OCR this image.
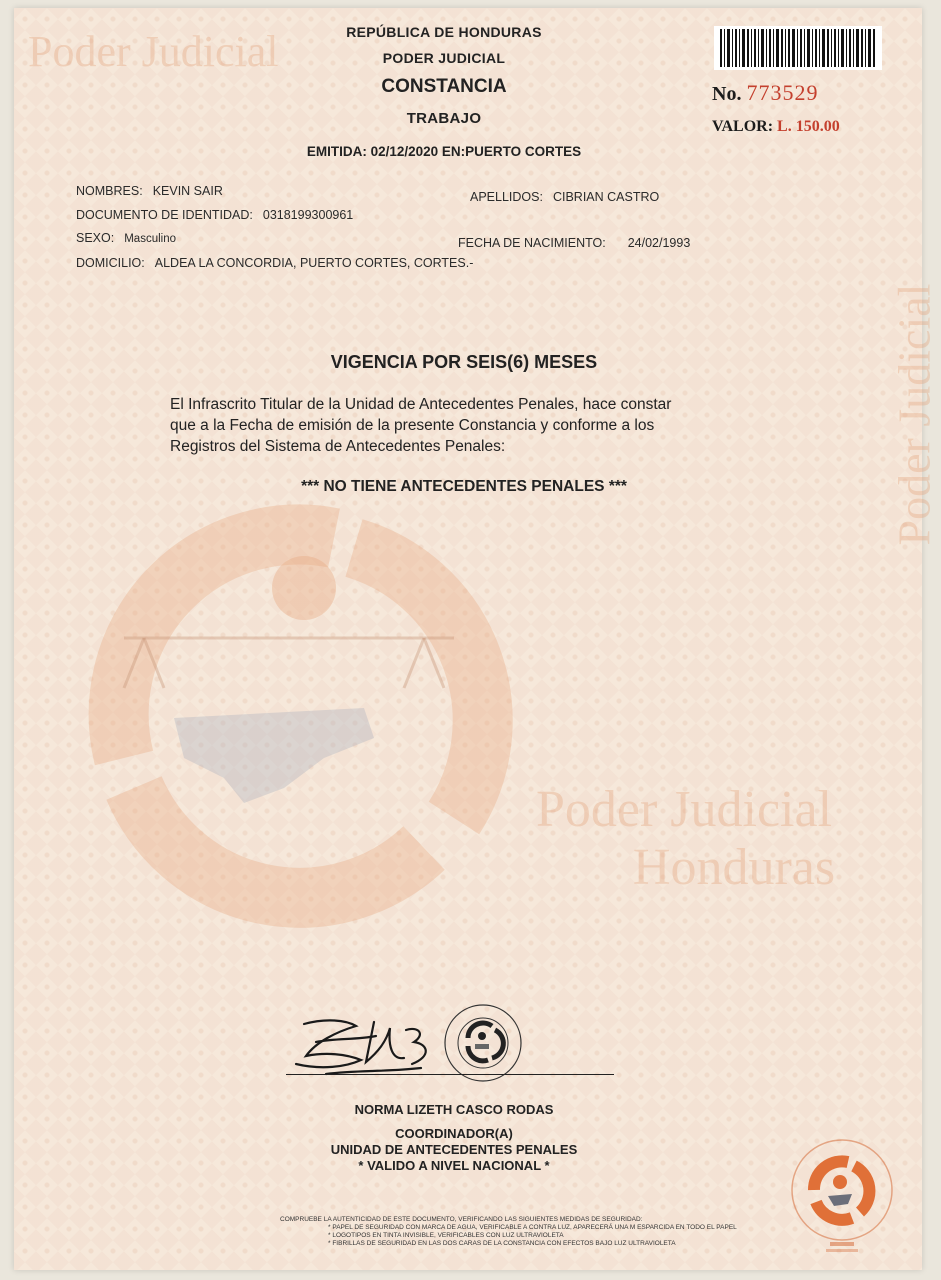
Poder Judicial
Poder Judicial
Poder Judicial
Honduras
REPÚBLICA DE HONDURAS
PODER JUDICIAL
CONSTANCIA
TRABAJO
EMITIDA: 02/12/2020 EN:PUERTO CORTES
No. 773529
VALOR: L. 150.00
NOMBRES: KEVIN SAIR	APELLIDOS: CIBRIAN CASTRO
DOCUMENTO DE IDENTIDAD: 0318199300961
SEXO: Masculino	FECHA DE NACIMIENTO: 24/02/1993
DOMICILIO: ALDEA LA CONCORDIA, PUERTO CORTES, CORTES.-
VIGENCIA POR SEIS(6) MESES
El Infrascrito Titular de la Unidad de Antecedentes Penales, hace constar
que a la Fecha de emisión de la presente Constancia y conforme a los
Registros del Sistema de Antecedentes Penales:
*** NO TIENE ANTECEDENTES PENALES ***
NORMA LIZETH CASCO RODAS
COORDINADOR(A)
UNIDAD DE ANTECEDENTES PENALES
* VALIDO A NIVEL NACIONAL *
COMPRUEBE LA AUTENTICIDAD DE ESTE DOCUMENTO, VERIFICANDO LAS SIGUIENTES MEDIDAS DE SEGURIDAD:
* PAPEL DE SEGURIDAD CON MARCA DE AGUA, VERIFICABLE A CONTRA LUZ, APARECERÁ UNA M ESPARCIDA EN TODO EL PAPEL
* LOGOTIPOS EN TINTA INVISIBLE, VERIFICABLES CON LUZ ULTRAVIOLETA
* FIBRILLAS DE SEGURIDAD EN LAS DOS CARAS DE LA CONSTANCIA CON EFECTOS BAJO LUZ ULTRAVIOLETA
